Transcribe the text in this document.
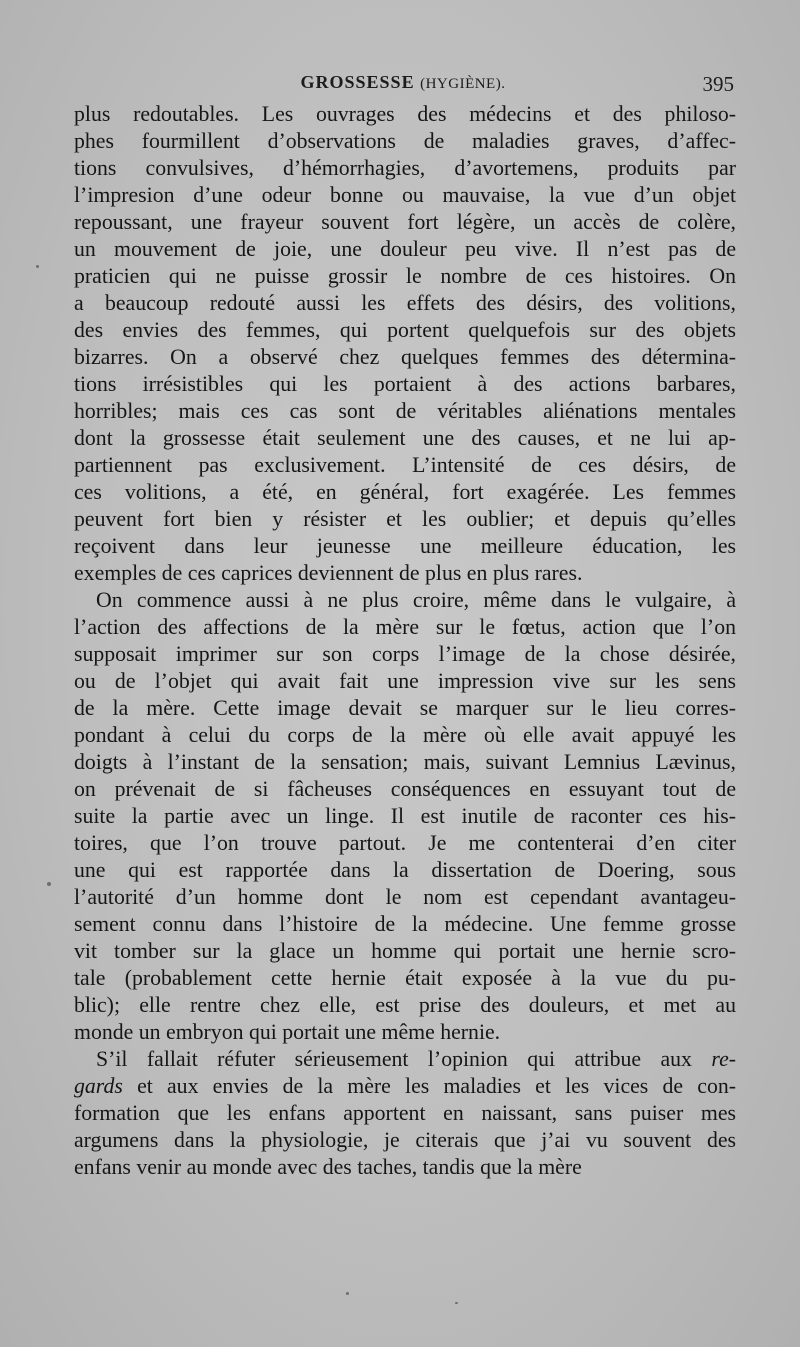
GROSSESSE (HYGIÈNE).	395
plus redoutables. Les ouvrages des médecins et des philoso-
phes fourmillent d’observations de maladies graves, d’affec-
tions convulsives, d’hémorrhagies, d’avortemens, produits par
l’impresion d’une odeur bonne ou mauvaise, la vue d’un objet
repoussant, une frayeur souvent fort légère, un accès de colère,
un mouvement de joie, une douleur peu vive. Il n’est pas de
praticien qui ne puisse grossir le nombre de ces histoires. On
a beaucoup redouté aussi les effets des désirs, des volitions,
des envies des femmes, qui portent quelquefois sur des objets
bizarres. On a observé chez quelques femmes des détermina-
tions irrésistibles qui les portaient à des actions barbares,
horribles; mais ces cas sont de véritables aliénations mentales
dont la grossesse était seulement une des causes, et ne lui ap-
partiennent pas exclusivement. L’intensité de ces désirs, de
ces volitions, a été, en général, fort exagérée. Les femmes
peuvent fort bien y résister et les oublier; et depuis qu’elles
reçoivent dans leur jeunesse une meilleure éducation, les
exemples de ces caprices deviennent de plus en plus rares.
On commence aussi à ne plus croire, même dans le vulgaire, à
l’action des affections de la mère sur le fœtus, action que l’on
supposait imprimer sur son corps l’image de la chose désirée,
ou de l’objet qui avait fait une impression vive sur les sens
de la mère. Cette image devait se marquer sur le lieu corres-
pondant à celui du corps de la mère où elle avait appuyé les
doigts à l’instant de la sensation; mais, suivant Lemnius Lævinus,
on prévenait de si fâcheuses conséquences en essuyant tout de
suite la partie avec un linge. Il est inutile de raconter ces his-
toires, que l’on trouve partout. Je me contenterai d’en citer
une qui est rapportée dans la dissertation de Doering, sous
l’autorité d’un homme dont le nom est cependant avantageu-
sement connu dans l’histoire de la médecine. Une femme grosse
vit tomber sur la glace un homme qui portait une hernie scro-
tale (probablement cette hernie était exposée à la vue du pu-
blic); elle rentre chez elle, est prise des douleurs, et met au
monde un embryon qui portait une même hernie.
S’il fallait réfuter sérieusement l’opinion qui attribue aux re-
gards et aux envies de la mère les maladies et les vices de con-
formation que les enfans apportent en naissant, sans puiser mes
argumens dans la physiologie, je citerais que j’ai vu souvent des
enfans venir au monde avec des taches, tandis que la mère
